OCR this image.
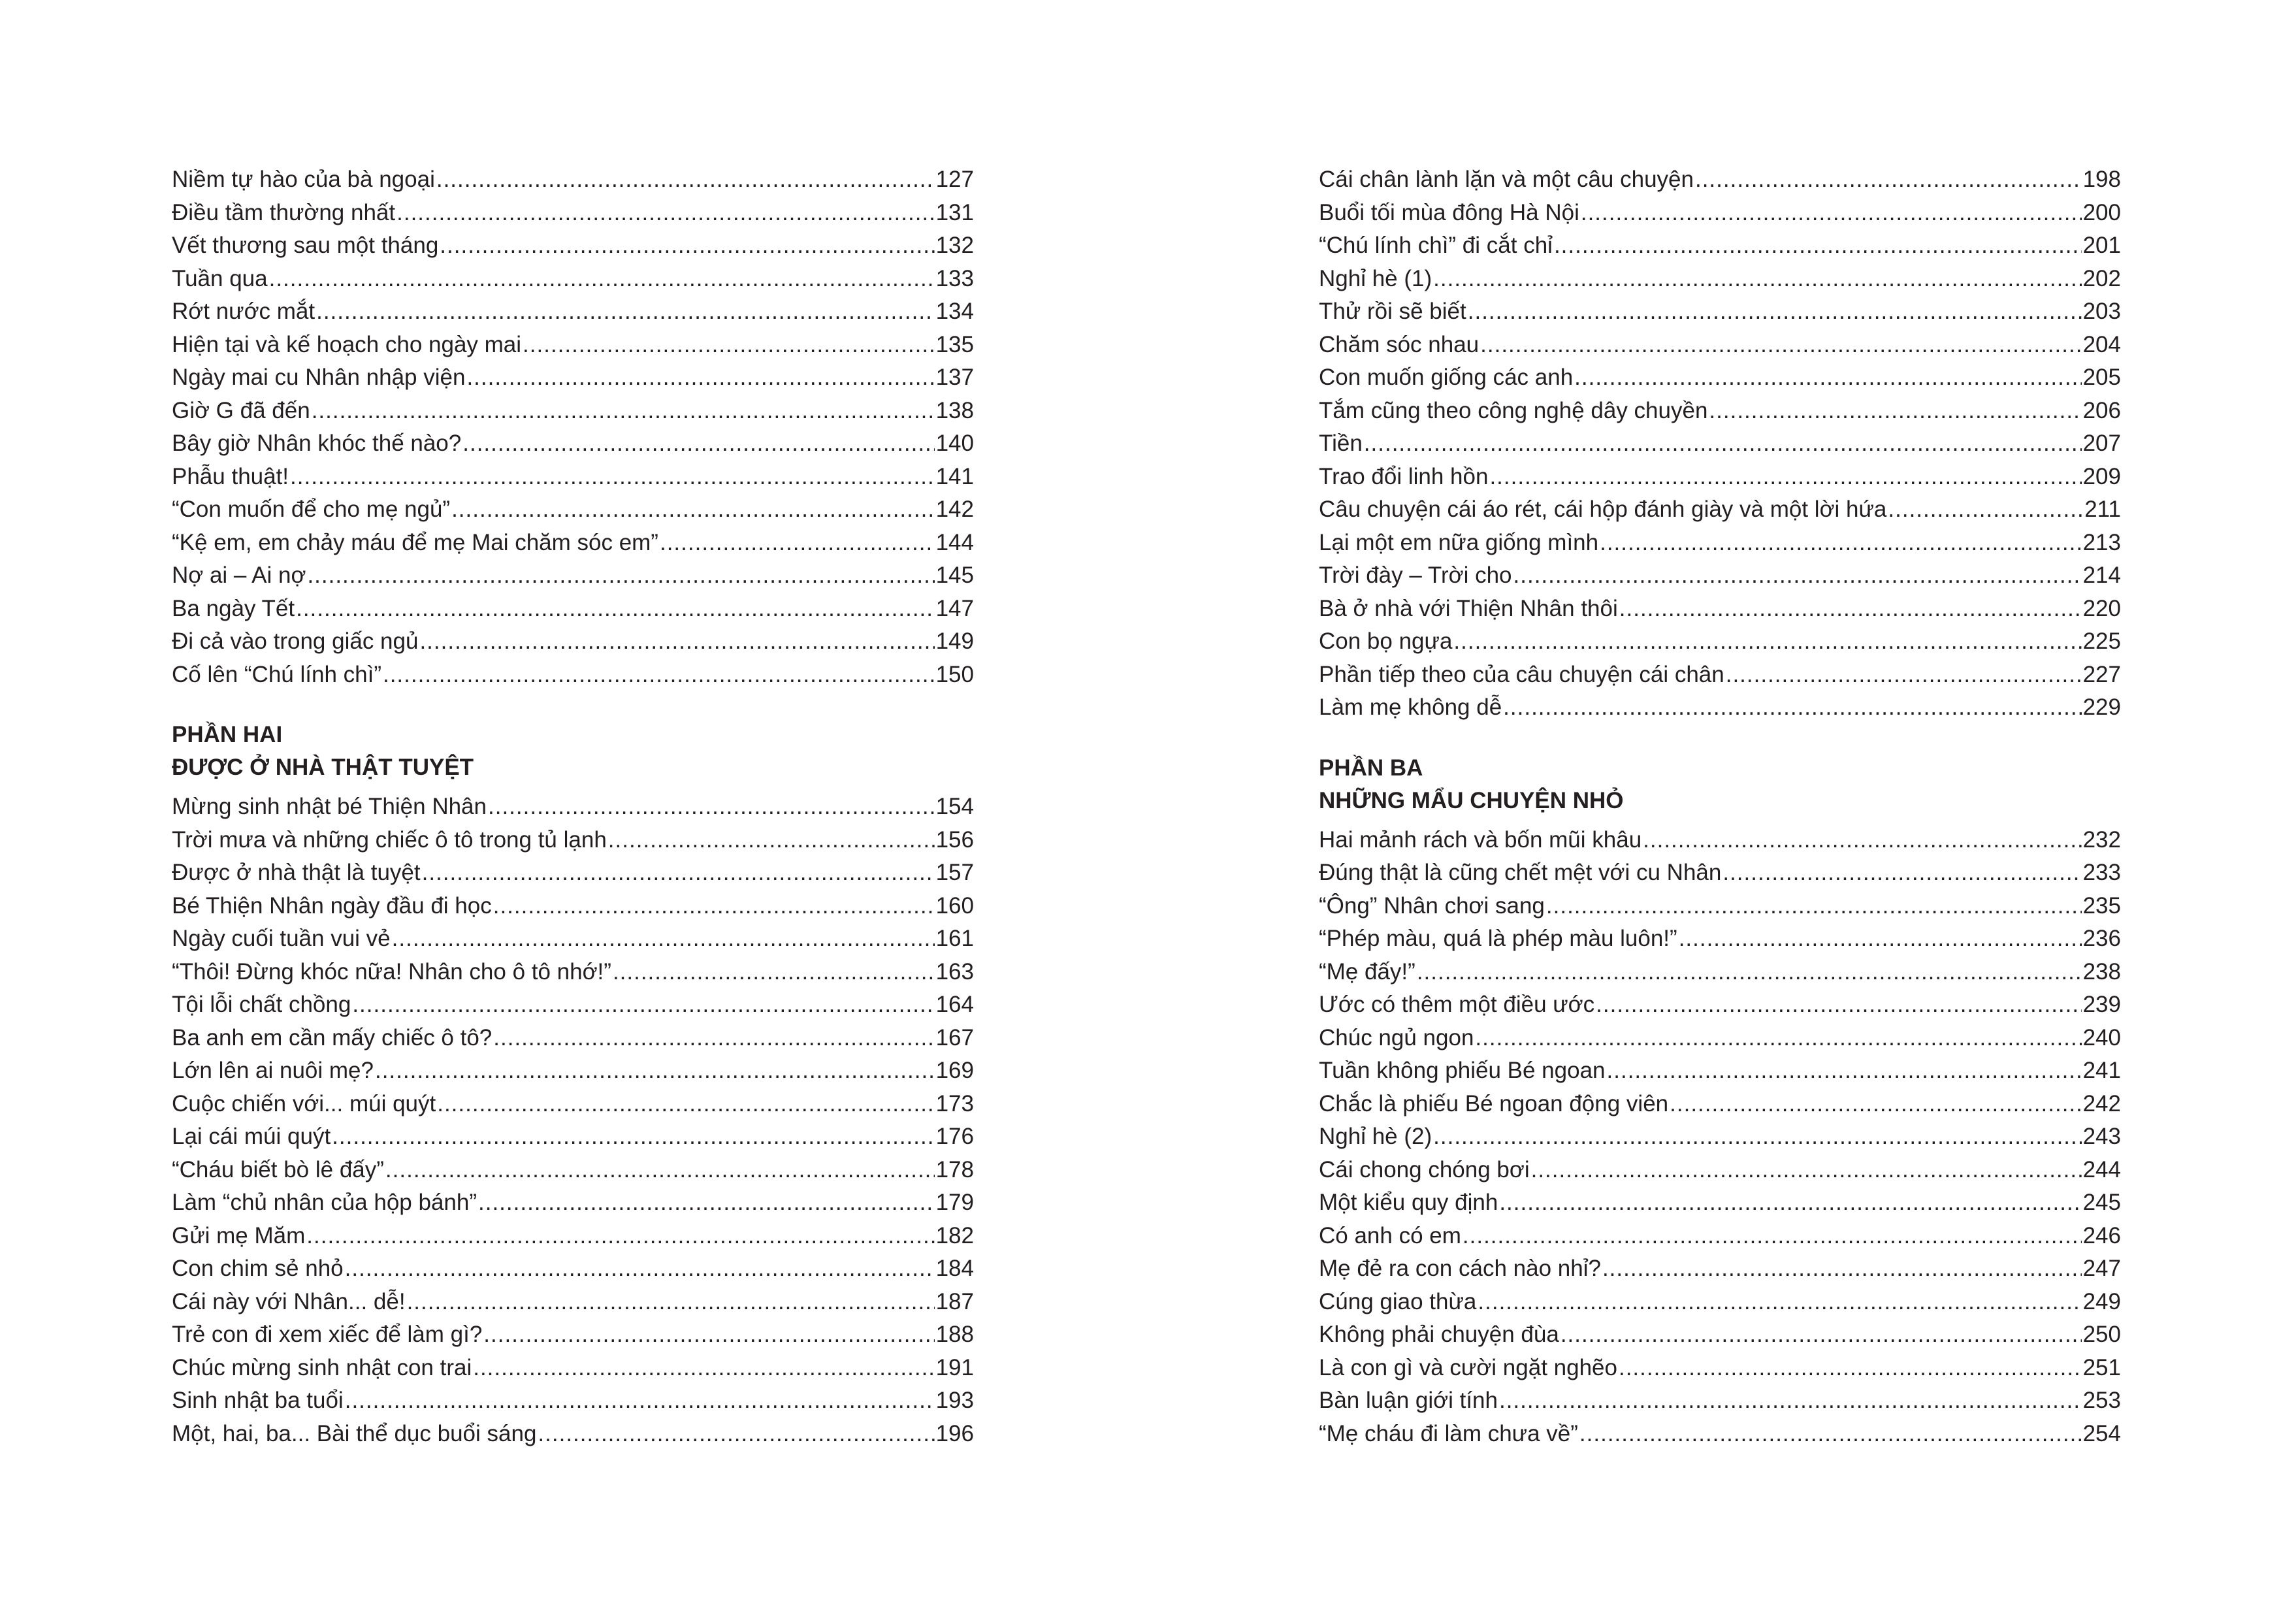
Niềm tự hào của bà ngoại .....	127
Điều tầm thường nhất .....	131
Vết thương sau một tháng .....	132
Tuần qua .....	133
Rớt nước mắt .....	134
Hiện tại và kế hoạch cho ngày mai .....	135
Ngày mai cu Nhân nhập viện .....	137
Giờ G đã đến .....	138
Bây giờ Nhân khóc thế nào? .....	140
Phẫu thuật! .....	141
“Con muốn để cho mẹ ngủ” .....	142
“Kệ em, em chảy máu để mẹ Mai chăm sóc em” .....	144
Nợ ai – Ai nợ .....	145
Ba ngày Tết .....	147
Đi cả vào trong giấc ngủ .....	149
Cố lên “Chú lính chì” .....	150
PHẦN HAI
ĐƯỢC Ở NHÀ THẬT TUYỆT
Mừng sinh nhật bé Thiện Nhân .....	154
Trời mưa và những chiếc ô tô trong tủ lạnh .....	156
Được ở nhà thật là tuyệt .....	157
Bé Thiện Nhân ngày đầu đi học .....	160
Ngày cuối tuần vui vẻ .....	161
“Thôi! Đừng khóc nữa! Nhân cho ô tô nhớ!” .....	163
Tội lỗi chất chồng .....	164
Ba anh em cần mấy chiếc ô tô? .....	167
Lớn lên ai nuôi mẹ? .....	169
Cuộc chiến với... múi quýt .....	173
Lại cái múi quýt .....	176
“Cháu biết bò lê đấy” .....	178
Làm “chủ nhân của hộp bánh” .....	179
Gửi mẹ Măm .....	182
Con chim sẻ nhỏ .....	184
Cái này với Nhân... dễ! .....	187
Trẻ con đi xem xiếc để làm gì? .....	188
Chúc mừng sinh nhật con trai .....	191
Sinh nhật ba tuổi .....	193
Một, hai, ba... Bài thể dục buổi sáng .....	196
Cái chân lành lặn và một câu chuyện .....	198
Buổi tối mùa đông Hà Nội .....	200
“Chú lính chì” đi cắt chỉ .....	201
Nghỉ hè (1) .....	202
Thử rồi sẽ biết .....	203
Chăm sóc nhau .....	204
Con muốn giống các anh .....	205
Tắm cũng theo công nghệ dây chuyền .....	206
Tiền .....	207
Trao đổi linh hồn .....	209
Câu chuyện cái áo rét, cái hộp đánh giày và một lời hứa .....	211
Lại một em nữa giống mình .....	213
Trời đày – Trời cho .....	214
Bà ở nhà với Thiện Nhân thôi .....	220
Con bọ ngựa .....	225
Phần tiếp theo của câu chuyện cái chân .....	227
Làm mẹ không dễ .....	229
PHẦN BA
NHỮNG MẨU CHUYỆN NHỎ
Hai mảnh rách và bốn mũi khâu .....	232
Đúng thật là cũng chết mệt với cu Nhân .....	233
“Ông” Nhân chơi sang .....	235
“Phép màu, quá là phép màu luôn!” .....	236
“Mẹ đấy!” .....	238
Ước có thêm một điều ước .....	239
Chúc ngủ ngon .....	240
Tuần không phiếu Bé ngoan .....	241
Chắc là phiếu Bé ngoan động viên .....	242
Nghỉ hè (2) .....	243
Cái chong chóng bơi .....	244
Một kiểu quy định .....	245
Có anh có em .....	246
Mẹ đẻ ra con cách nào nhỉ? .....	247
Cúng giao thừa .....	249
Không phải chuyện đùa .....	250
Là con gì và cười ngặt nghẽo .....	251
Bàn luận giới tính .....	253
“Mẹ cháu đi làm chưa về” .....	254
